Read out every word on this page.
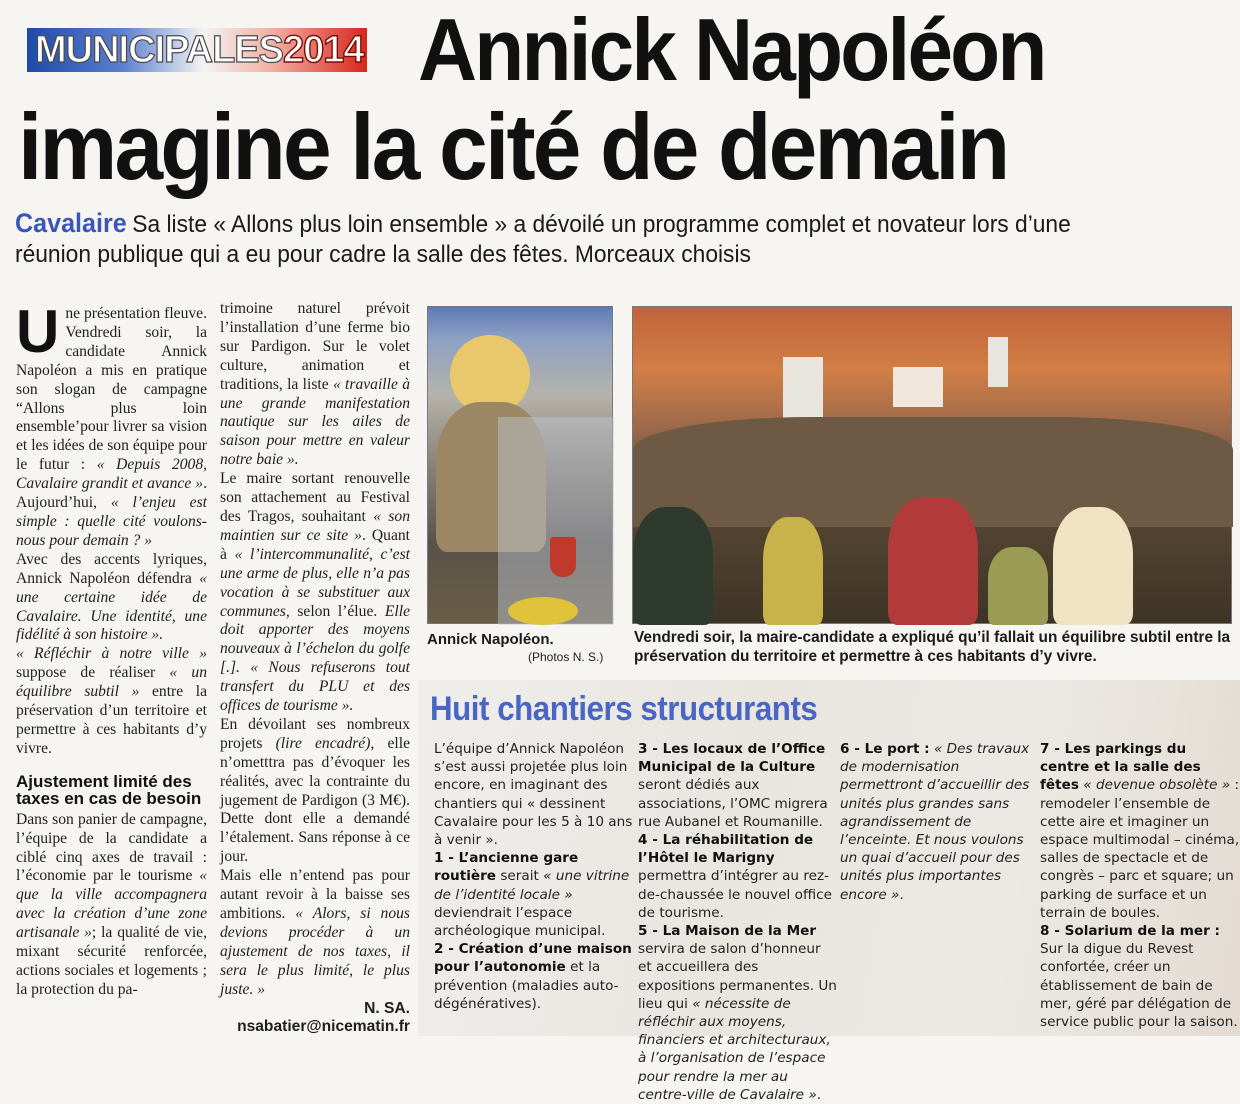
MUNICIPALES 2014 Annick Napoléon
imagine la cité de demain
Cavalaire Sa liste « Allons plus loin ensemble » a dévoilé un programme complet et novateur lors d’une réunion publique qui a eu pour cadre la salle des fêtes. Morceaux choisis
U ne présentation fleuve. Vendredi soir, la candidate Annick Napoléon a mis en pratique son slogan de campagne “Allons plus loin ensemble’pour livrer sa vision et les idées de son équipe pour le futur : « Depuis 2008, Cavalaire grandit et avance ». Aujourd’hui, « l’enjeu est simple : quelle cité voulons-nous pour demain ? »

Avec des accents lyriques, Annick Napoléon défendra « une certaine idée de Cavalaire. Une identité, une fidélité à son histoire ».

« Réfléchir à notre ville » suppose de réaliser « un équilibre subtil » entre la préservation d’un territoire et permettre à ces habitants d’y vivre.

Ajustement limité des taxes en cas de besoin

Dans son panier de campagne, l’équipe de la candidate a ciblé cinq axes de travail : l’économie par le tourisme « que la ville accompagnera avec la création d’une zone artisanale »; la qualité de vie, mixant sécurité renforcée, actions sociales et logements ; la protection du pa-

trimoine naturel prévoit l’installation d’une ferme bio sur Pardigon. Sur le volet culture, animation et traditions, la liste « travaille à une grande manifestation nautique sur les ailes de saison pour mettre en valeur notre baie ».

Le maire sortant renouvelle son attachement au Festival des Tragos, souhaitant « son maintien sur ce site ». Quant à « l’intercommunalité, c’est une arme de plus, elle n’a pas vocation à se substituer aux communes, selon l’élue. Elle doit apporter des moyens nouveaux à l’échelon du golfe [.]. « Nous refuserons tout transfert du PLU et des offices de tourisme ».

En dévoilant ses nombreux projets (lire encadré), elle n’ometttra pas d’évoquer les réalités, avec la contrainte du jugement de Pardigon (3 M€). Dette dont elle a demandé l’étalement. Sans réponse à ce jour.

Mais elle n’entend pas pour autant revoir à la baisse ses ambitions. « Alors, si nous devions procéder à un ajustement de nos taxes, il sera le plus limité, le plus juste. »

N. SA.
nsabatier@nicematin.fr
Annick Napoléon.
(Photos N. S.)
Vendredi soir, la maire-candidate a expliqué qu’il fallait un équilibre subtil entre la préservation du territoire et permettre à ces habitants d’y vivre.
Huit chantiers structurants
L’équipe d’Annick Napoléon s’est aussi projetée plus loin encore, en imaginant des chantiers qui « dessinent Cavalaire pour les 5 à 10 ans à venir ».
1 - L’ancienne gare routière serait « une vitrine de l’identité locale » deviendrait l’espace archéologique municipal.
2 - Création d’une maison pour l’autonomie et la prévention (maladies auto-dégénératives).
3 - Les locaux de l’Office Municipal de la Culture seront dédiés aux associations, l’OMC migrera rue Aubanel et Roumanille.
4 - La réhabilitation de l’Hôtel le Marigny permettra d’intégrer au rez-de-chaussée le nouvel office de tourisme.
5 - La Maison de la Mer servira de salon d’honneur et accueillera des expositions permanentes. Un lieu qui « nécessite de réfléchir aux moyens, financiers et architecturaux, à l’organisation de l’espace pour rendre la mer au centre-ville de Cavalaire ».
6 - Le port : « Des travaux de modernisation permettront d’accueillir des unités plus grandes sans agrandissement de l’enceinte. Et nous voulons un quai d’accueil pour des unités plus importantes encore ».
7 - Les parkings du centre et la salle des fêtes « devenue obsolète » : remodeler l’ensemble de cette aire et imaginer un espace multimodal – cinéma, salles de spectacle et de congrès – parc et square; un parking de surface et un terrain de boules.
8 - Solarium de la mer : Sur la digue du Revest confortée, créer un établissement de bain de mer, géré par délégation de service public pour la saison.
